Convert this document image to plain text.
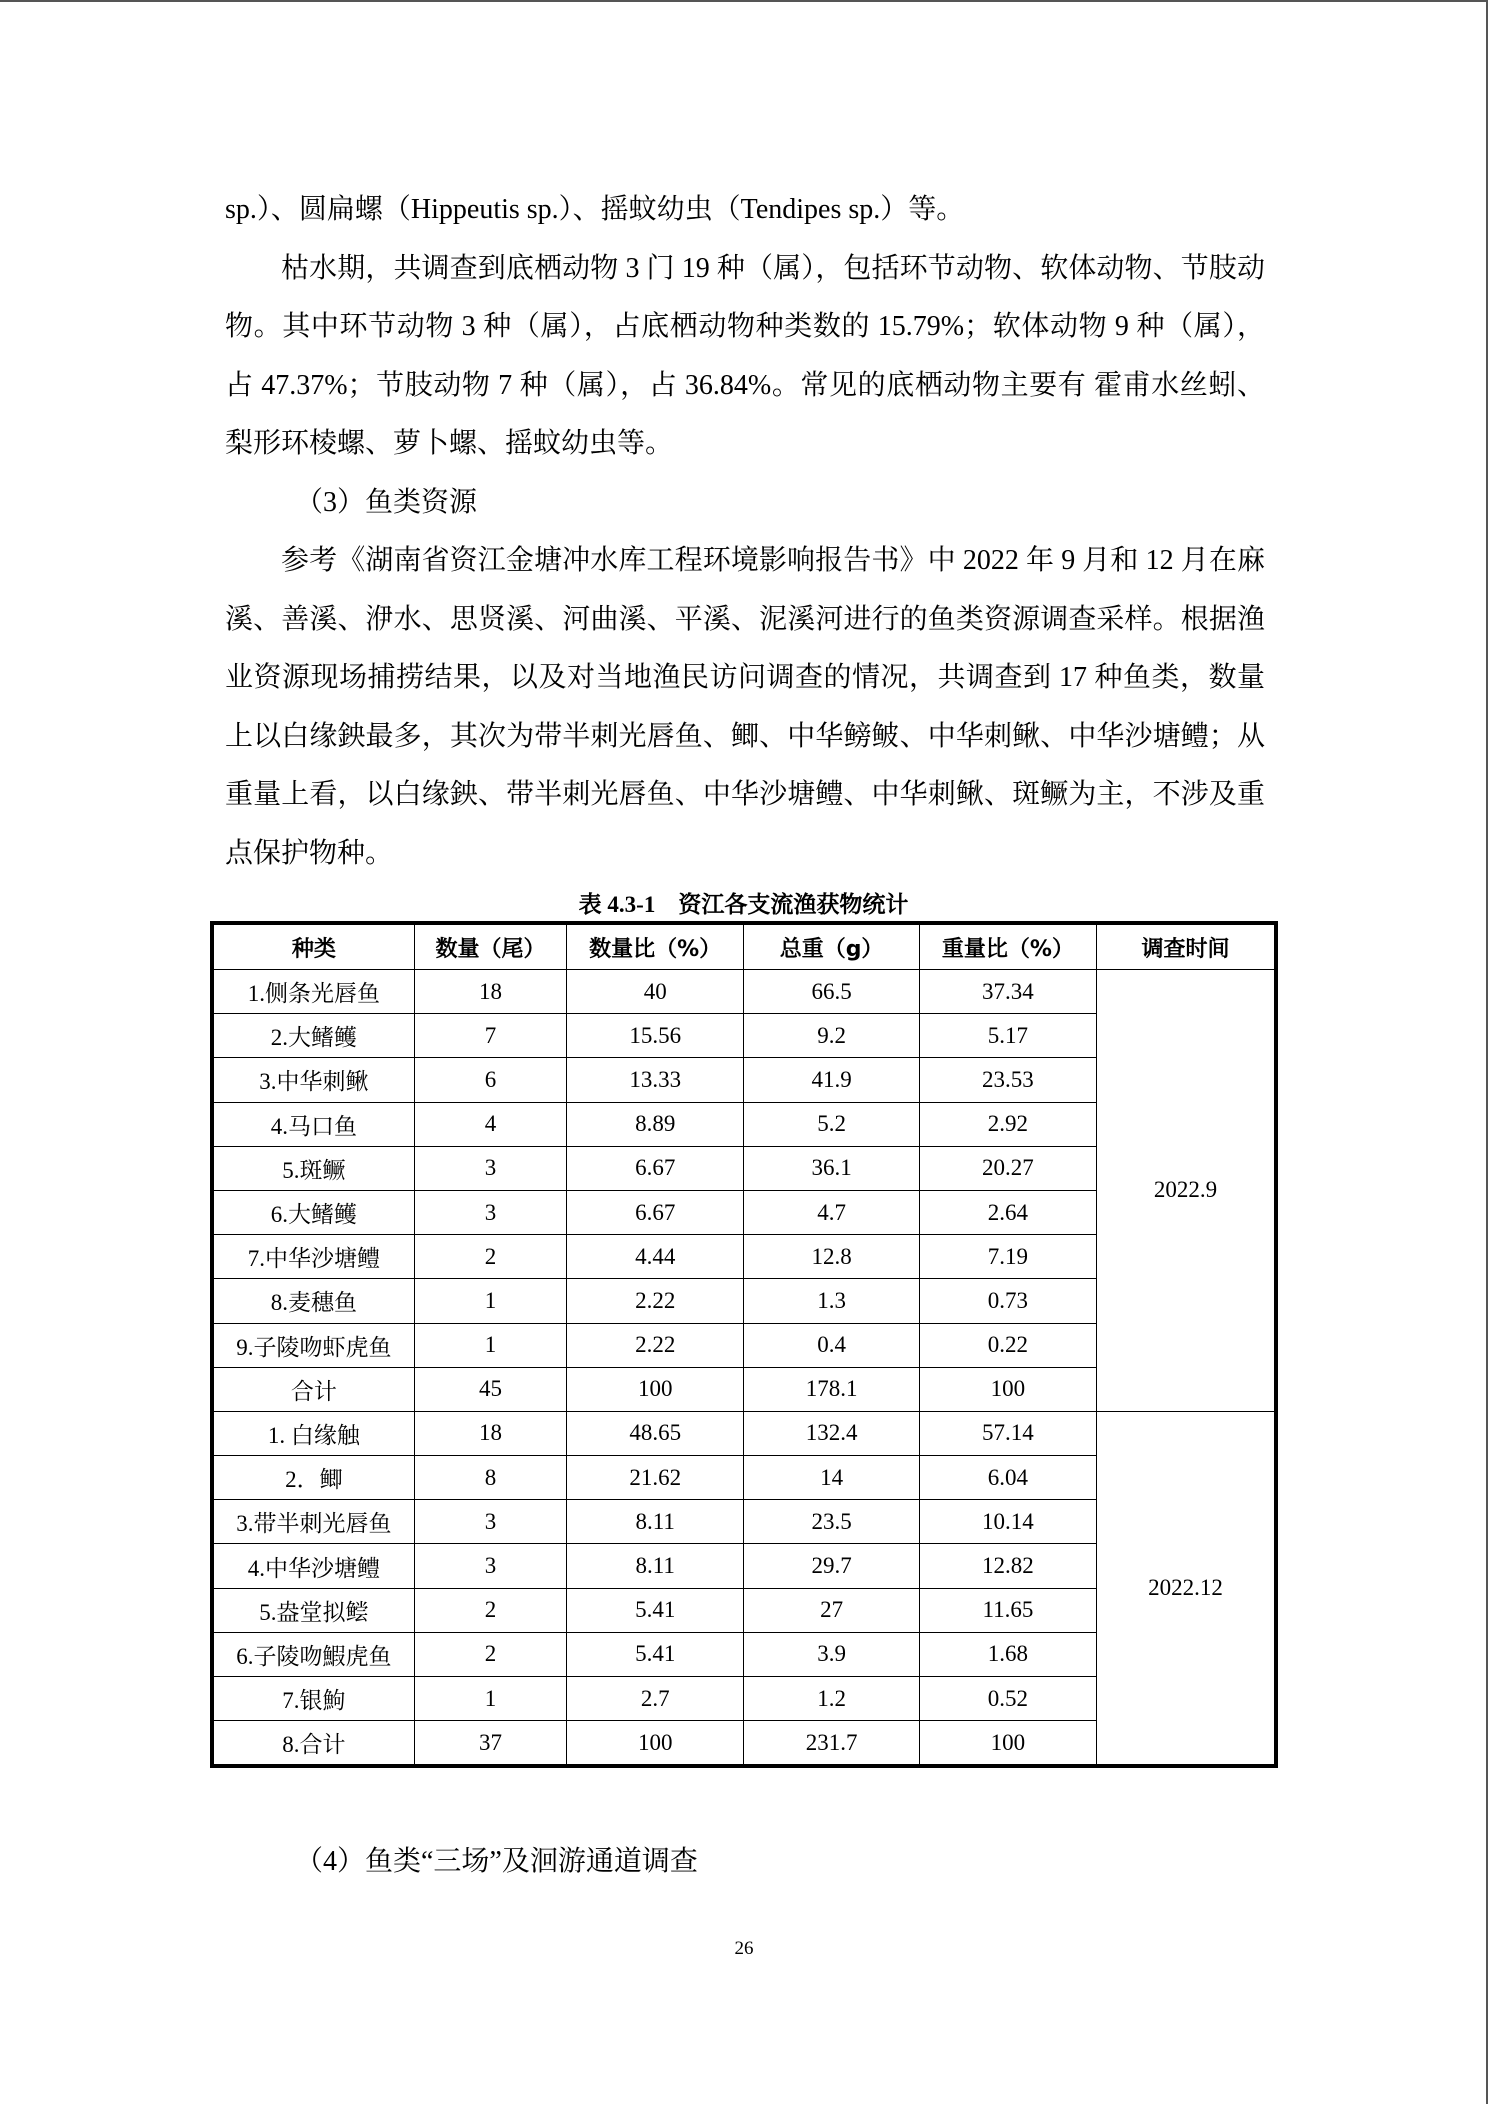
sp.）、圆扁螺（Hippeutis sp.）、摇蚊幼虫（Tendipes sp.）等。

枯水期，共调查到底栖动物 3 门 19 种（属），包括环节动物、软体动物、节肢动物。其中环节动物 3 种（属），占底栖动物种类数的 15.79%；软体动物 9 种（属），占 47.37%；节肢动物 7 种（属），占 36.84%。常见的底栖动物主要有 霍甫水丝蚓、梨形环棱螺、萝卜螺、摇蚊幼虫等。

（3）鱼类资源

参考《湖南省资江金塘冲水库工程环境影响报告书》中 2022 年 9 月和 12 月在麻溪、善溪、洢水、思贤溪、河曲溪、平溪、泥溪河进行的鱼类资源调查采样。根据渔业资源现场捕捞结果，以及对当地渔民访问调查的情况，共调查到 17 种鱼类，数量上以白缘鉠最多，其次为带半刺光唇鱼、鲫、中华鳑鲏、中华刺鳅、中华沙塘鳢；从重量上看，以白缘鉠、带半刺光唇鱼、中华沙塘鳢、中华刺鳅、斑鳜为主，不涉及重点保护物种。

表 4.3-1　资江各支流渔获物统计
种类	数量（尾）	数量比（%）	总重（g）	重量比（%）	调查时间
1.侧条光唇鱼	18	40	66.5	37.34	2022.9
2.大鳍鳠	7	15.56	9.2	5.17	
3.中华刺鳅	6	13.33	41.9	23.53	
4.马口鱼	4	8.89	5.2	2.92	
5.斑鳜	3	6.67	36.1	20.27	
6.大鳍鳠	3	6.67	4.7	2.64	
7.中华沙塘鳢	2	4.44	12.8	7.19	
8.麦穗鱼	1	2.22	1.3	0.73	
9.子陵吻虾虎鱼	1	2.22	0.4	0.22	
合计	45	100	178.1	100	
1. 白缘触	18	48.65	132.4	57.14	2022.12
2．鲫	8	21.62	14	6.04	
3.带半刺光唇鱼	3	8.11	23.5	10.14	
4.中华沙塘鳢	3	8.11	29.7	12.82	
5.盎堂拟鲿	2	5.41	27	11.65	
6.子陵吻鰕虎鱼	2	5.41	3.9	1.68	
7.银鮈	1	2.7	1.2	0.52	
8.合计	37	100	231.7	100	
（4）鱼类“三场”及洄游通道调查
26
